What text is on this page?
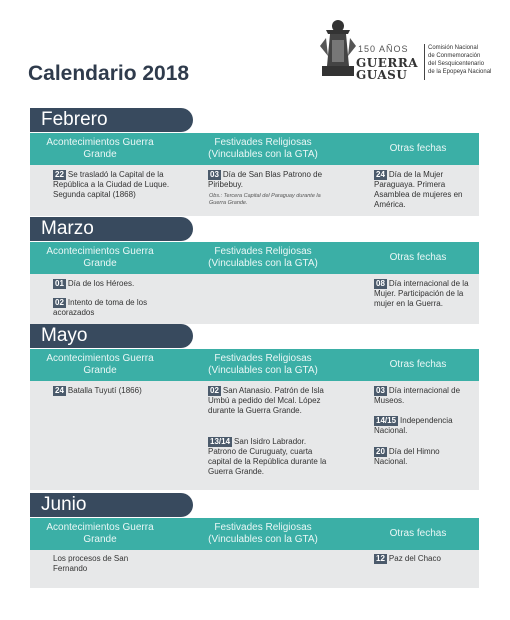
Calendario 2018
150 AÑOS
GUERRA
GUASU
Comisión Nacional
de Conmemoración
del Sesquicentenario
de la Epopeya Nacional
Febrero
Acontecimientos Guerra Grande
Festivades Religiosas (Vinculables con la GTA)
Otras fechas
22 Se trasladó la Capital de la República a la Ciudad de Luque. Segunda capital (1868)
03 Día de San Blas Patrono de Piribebuy.
Obs.: Tercera Capital del Paraguay durante la Guerra Grande.
24 Día de la Mujer Paraguaya. Primera Asamblea de mujeres en América.
Marzo
Acontecimientos Guerra Grande
Festivades Religiosas (Vinculables con la GTA)
Otras fechas
01 Día de los Héroes.
02 Intento de toma de los acorazados
08 Día internacional de la Mujer. Participación de la mujer en la Guerra.
Mayo
Acontecimientos Guerra Grande
Festivades Religiosas (Vinculables con la GTA)
Otras fechas
24 Batalla Tuyutí (1866)	02 San Atanasio. Patrón de Isla Umbú a pedido del Mcal. López durante la Guerra Grande.
13/14 San Isidro Labrador. Patrono de Curuguaty, cuarta capital de la República durante la Guerra Grande.
03 Día internacional de Museos.
14/15 Independencia Nacional.
20 Día del Himno Nacional.
Junio
Acontecimientos Guerra Grande
Festivades Religiosas (Vinculables con la GTA)
Otras fechas
Los procesos de San Fernando
12 Paz del Chaco
